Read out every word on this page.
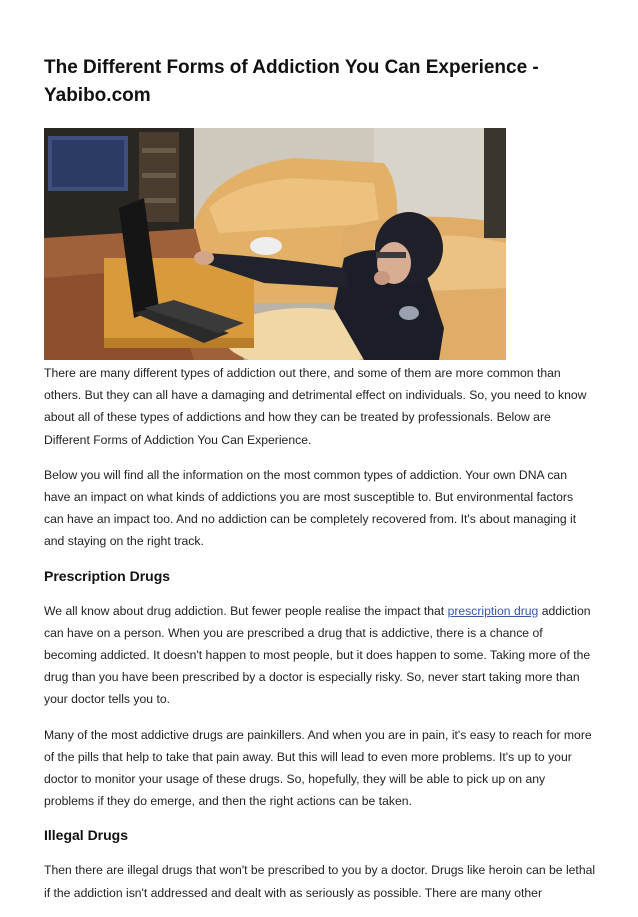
The Different Forms of Addiction You Can Experience - Yabibo.com

There are many different types of addiction out there, and some of them are more common than others. But they can all have a damaging and detrimental effect on individuals. So, you need to know about all of these types of addictions and how they can be treated by professionals. Below are Different Forms of Addiction You Can Experience.

Below you will find all the information on the most common types of addiction. Your own DNA can have an impact on what kinds of addictions you are most susceptible to. But environmental factors can have an impact too. And no addiction can be completely recovered from. It's about managing it and staying on the right track.

Prescription Drugs

We all know about drug addiction. But fewer people realise the impact that prescription drug addiction can have on a person. When you are prescribed a drug that is addictive, there is a chance of becoming addicted. It doesn't happen to most people, but it does happen to some. Taking more of the drug than you have been prescribed by a doctor is especially risky. So, never start taking more than your doctor tells you to.

Many of the most addictive drugs are painkillers. And when you are in pain, it's easy to reach for more of the pills that help to take that pain away. But this will lead to even more problems. It's up to your doctor to monitor your usage of these drugs. So, hopefully, they will be able to pick up on any problems if they do emerge, and then the right actions can be taken.

Illegal Drugs

Then there are illegal drugs that won't be prescribed to you by a doctor. Drugs like heroin can be lethal if the addiction isn't addressed and dealt with as seriously as possible. There are many other
